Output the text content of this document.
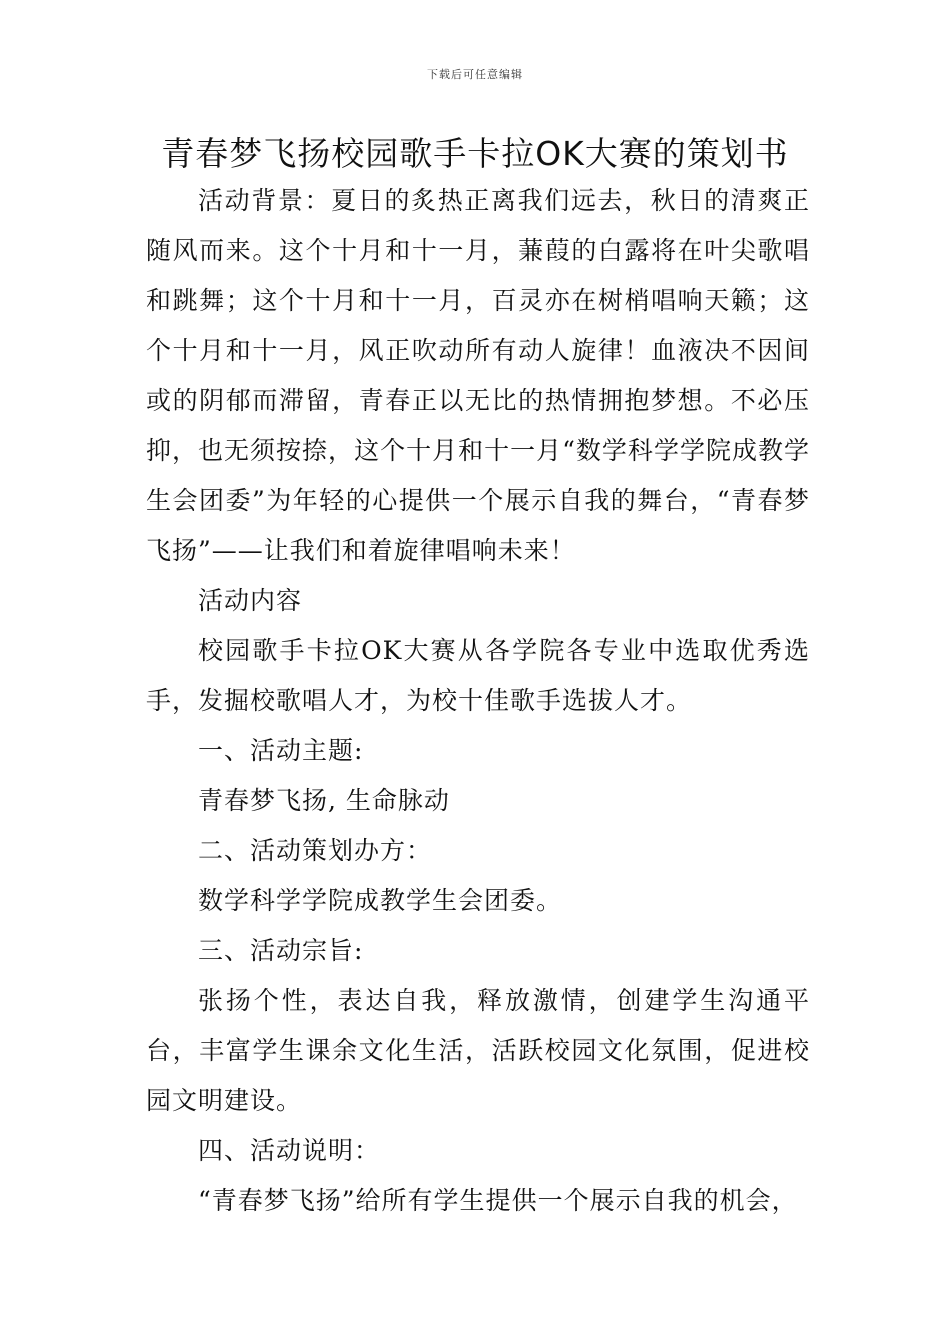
下载后可任意编辑
青春梦飞扬校园歌手卡拉OK大赛的策划书

活动背景：夏日的炙热正离我们远去，秋日的清爽正随风而来。这个十月和十一月，蒹葭的白露将在叶尖歌唱和跳舞；这个十月和十一月，百灵亦在树梢唱响天籁；这个十月和十一月，风正吹动所有动人旋律！血液决不因间或的阴郁而滞留，青春正以无比的热情拥抱梦想。不必压抑，也无须按捺，这个十月和十一月“数学科学学院成教学生会团委”为年轻的心提供一个展示自我的舞台，“青春梦飞扬”——让我们和着旋律唱响未来！

活动内容

校园歌手卡拉OK大赛从各学院各专业中选取优秀选手，发掘校歌唱人才，为校十佳歌手选拔人才。

一、活动主题:

青春梦飞扬, 生命脉动

二、活动策划办方：

数学科学学院成教学生会团委。

三、活动宗旨:

张扬个性，表达自我，释放激情，创建学生沟通平台，丰富学生课余文化生活，活跃校园文化氛围，促进校园文明建设。

四、活动说明：

“青春梦飞扬”给所有学生提供一个展示自我的机会，
